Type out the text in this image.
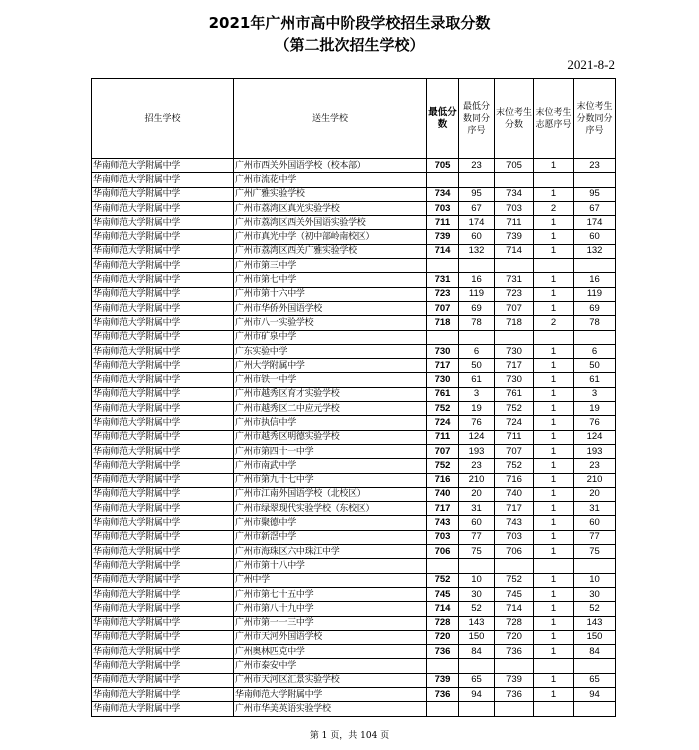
2021年广州市高中阶段学校招生录取分数
（第二批次招生学校）
2021-8-2
招生学校	送生学校	最低分数	最低分数同分序号	末位考生分数	末位考生志愿序号	末位考生分数同分序号
华南师范大学附属中学	广州市西关外国语学校（校本部）	705	23	705	1	23
华南师范大学附属中学	广州市流花中学					
华南师范大学附属中学	广州广雅实验学校	734	95	734	1	95
华南师范大学附属中学	广州市荔湾区真光实验学校	703	67	703	2	67
华南师范大学附属中学	广州市荔湾区西关外国语实验学校	711	174	711	1	174
华南师范大学附属中学	广州市真光中学（初中部岭南校区）	739	60	739	1	60
华南师范大学附属中学	广州市荔湾区西关广雅实验学校	714	132	714	1	132
华南师范大学附属中学	广州市第三中学					
华南师范大学附属中学	广州市第七中学	731	16	731	1	16
华南师范大学附属中学	广州市第十六中学	723	119	723	1	119
华南师范大学附属中学	广州市华侨外国语学校	707	69	707	1	69
华南师范大学附属中学	广州市八一实验学校	718	78	718	2	78
华南师范大学附属中学	广州市矿泉中学					
华南师范大学附属中学	广东实验中学	730	6	730	1	6
华南师范大学附属中学	广州大学附属中学	717	50	717	1	50
华南师范大学附属中学	广州市铁一中学	730	61	730	1	61
华南师范大学附属中学	广州市越秀区育才实验学校	761	3	761	1	3
华南师范大学附属中学	广州市越秀区二中应元学校	752	19	752	1	19
华南师范大学附属中学	广州市执信中学	724	76	724	1	76
华南师范大学附属中学	广州市越秀区明德实验学校	711	124	711	1	124
华南师范大学附属中学	广州市第四十一中学	707	193	707	1	193
华南师范大学附属中学	广州市南武中学	752	23	752	1	23
华南师范大学附属中学	广州市第九十七中学	716	210	716	1	210
华南师范大学附属中学	广州市江南外国语学校（北校区）	740	20	740	1	20
华南师范大学附属中学	广州市绿翠现代实验学校（东校区）	717	31	717	1	31
华南师范大学附属中学	广州市聚德中学	743	60	743	1	60
华南师范大学附属中学	广州市新滘中学	703	77	703	1	77
华南师范大学附属中学	广州市海珠区六中珠江中学	706	75	706	1	75
华南师范大学附属中学	广州市第十八中学					
华南师范大学附属中学	广州中学	752	10	752	1	10
华南师范大学附属中学	广州市第七十五中学	745	30	745	1	30
华南师范大学附属中学	广州市第八十九中学	714	52	714	1	52
华南师范大学附属中学	广州市第一一三中学	728	143	728	1	143
华南师范大学附属中学	广州市天河外国语学校	720	150	720	1	150
华南师范大学附属中学	广州奥林匹克中学	736	84	736	1	84
华南师范大学附属中学	广州市泰安中学					
华南师范大学附属中学	广州市天河区汇景实验学校	739	65	739	1	65
华南师范大学附属中学	华南师范大学附属中学	736	94	736	1	94
华南师范大学附属中学	广州市华美英语实验学校					
第 1 页，共 104 页
